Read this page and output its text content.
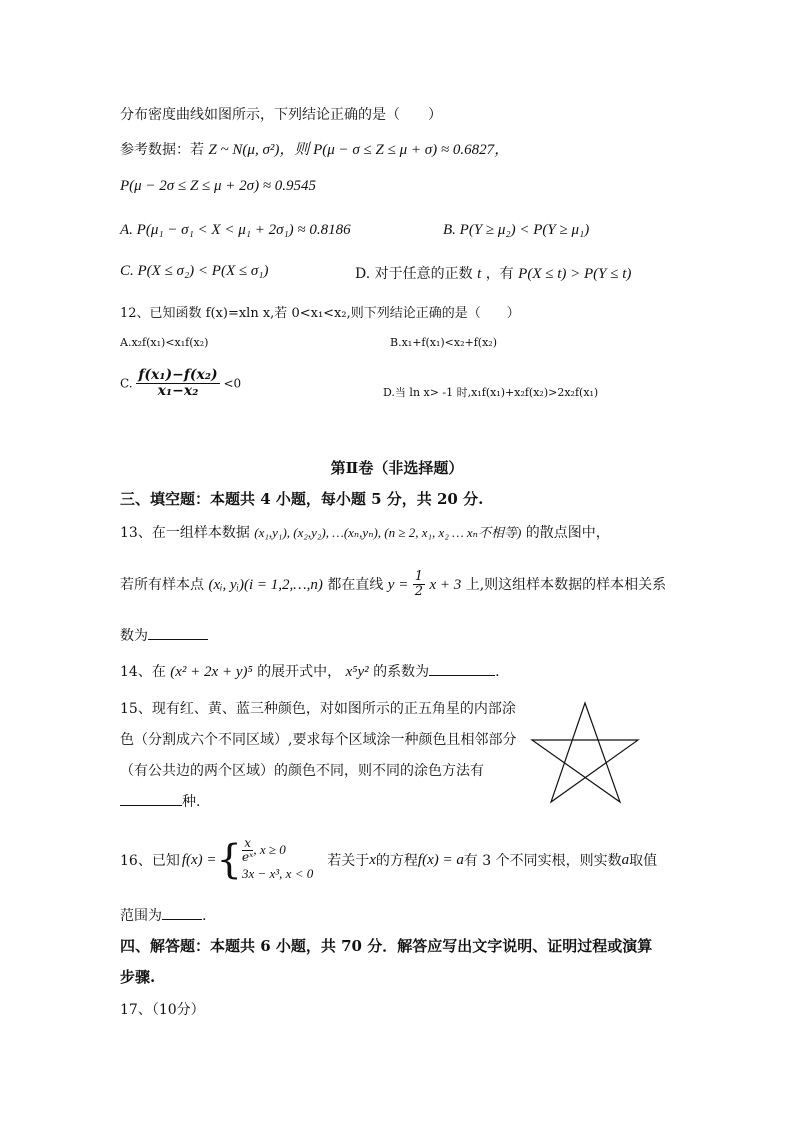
分布密度曲线如图所示，下列结论正确的是（　　）
参考数据：若 Z ~ N(μ, σ²)，则 P(μ − σ ≤ Z ≤ μ + σ) ≈ 0.6827，
P(μ − 2σ ≤ Z ≤ μ + 2σ) ≈ 0.9545
A. P(μ₁ − σ₁ < X < μ₁ + 2σ₁) ≈ 0.8186	B. P(Y ≥ μ₂) < P(Y ≥ μ₁)
C. P(X ≤ σ₂) < P(X ≤ σ₁)	D. 对于任意的正数 t ，有 P(X ≤ t) > P(Y ≤ t)
12、已知函数 f(x)=xln x,若 0<x₁<x₂,则下列结论正确的是（　　）
A.x₂f(x₁)<x₁f(x₂)	B.x₁+f(x₁)<x₂+f(x₂)
C. $\frac{\text{f(x₁)−f(x₂)}}{\text{x₁−x₂}} <0$
D.当 ln x> -1 时,x₁f(x₁)+x₂f(x₂)>2x₂f(x₁)
第Ⅱ卷（非选择题）
三、填空题：本题共 4 小题，每小题 5 分，共 20 分.
13、在一组样本数据 (x₁,y₁), (x₂,y₂), …(xₙ,yₙ), (n ≥ 2, x₁, x₂ … xₙ不相等) 的散点图中，
若所有样本点 (xᵢ, yᵢ)(i = 1,2,…,n) 都在直线 $y = \frac{1}{2}$ x + 3 上,则这组样本数据的样本相关系
数为
14、在 (x² + 2x + y)⁵ 的展开式中， x⁵y² 的系数为	.
15、现有红、黄、蓝三种颜色，对如图所示的正五角星的内部涂
色（分割成六个不同区域）,要求每个区域涂一种颜色且相邻部分
（有公共边的两个区域）的颜色不同，则不同的涂色方法有
种.
16、已知 f(x) = { $\frac{x}{\text{eˣ}}$ , x ≥ 0
3x − x³, x < 0
若关于 x 的方程 f(x) = a 有 3 个不同实根，则实数 a 取值
范围为	.
四、解答题：本题共 6 小题，共 70 分．解答应写出文字说明、证明过程或演算
步骤.
17、（10分）
